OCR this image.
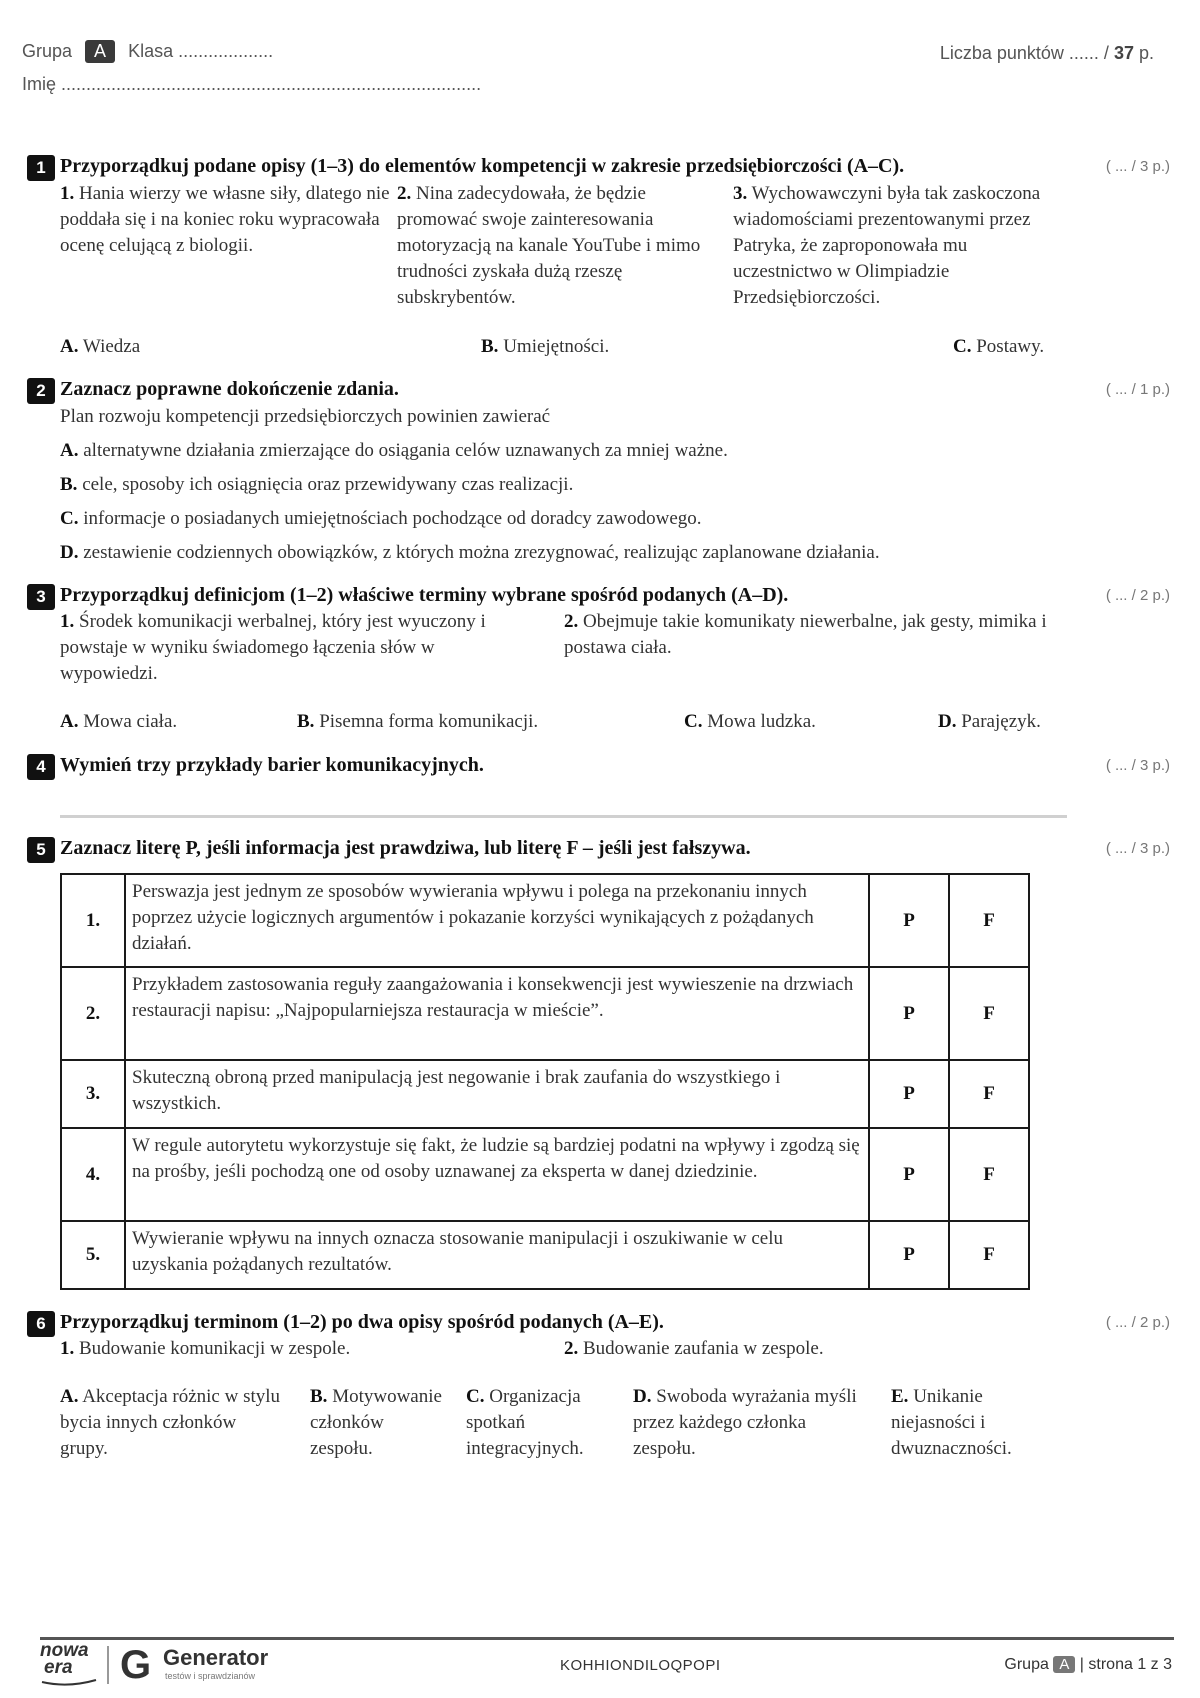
Grupa A Klasa ...................
Imię ....................................................................................
Liczba punktów ...... / 37 p.
1 Przyporządkuj podane opisy (1–3) do elementów kompetencji w zakresie przedsiębiorczości (A–C).	( ... / 3 p.)
1. Hania wierzy we własne siły, dlatego nie poddała się i na koniec roku wypracowała ocenę celującą z biologii.
2. Nina zadecydowała, że będzie promować swoje zainteresowania motoryzacją na kanale YouTube i mimo trudności zyskała dużą rzeszę subskrybentów.
3. Wychowawczyni była tak zaskoczona wiadomościami prezentowanymi przez Patryka, że zaproponowała mu uczestnictwo w Olimpiadzie Przedsiębiorczości.
A. Wiedza	B. Umiejętności.	C. Postawy.
2 Zaznacz poprawne dokończenie zdania.	( ... / 1 p.)
Plan rozwoju kompetencji przedsiębiorczych powinien zawierać
A. alternatywne działania zmierzające do osiągania celów uznawanych za mniej ważne.
B. cele, sposoby ich osiągnięcia oraz przewidywany czas realizacji.
C. informacje o posiadanych umiejętnościach pochodzące od doradcy zawodowego.
D. zestawienie codziennych obowiązków, z których można zrezygnować, realizując zaplanowane działania.
3 Przyporządkuj definicjom (1–2) właściwe terminy wybrane spośród podanych (A–D).	( ... / 2 p.)
1. Środek komunikacji werbalnej, który jest wyuczony i powstaje w wyniku świadomego łączenia słów w wypowiedzi.
2. Obejmuje takie komunikaty niewerbalne, jak gesty, mimika i postawa ciała.
A. Mowa ciała.	B. Pisemna forma komunikacji.	C. Mowa ludzka.	D. Parajęzyk.
4 Wymień trzy przykłady barier komunikacyjnych.	( ... / 3 p.)
5 Zaznacz literę P, jeśli informacja jest prawdziwa, lub literę F – jeśli jest fałszywa.	( ... / 3 p.)
1.	Perswazja jest jednym ze sposobów wywierania wpływu i polega na przekonaniu innych poprzez użycie logicznych argumentów i pokazanie korzyści wynikających z pożądanych działań.	P	F
2.	Przykładem zastosowania reguły zaangażowania i konsekwencji jest wywieszenie na drzwiach restauracji napisu: „Najpopularniejsza restauracja w mieście”.	P	F
3.	Skuteczną obroną przed manipulacją jest negowanie i brak zaufania do wszystkiego i wszystkich.	P	F
4.	W regule autorytetu wykorzystuje się fakt, że ludzie są bardziej podatni na wpływy i zgodzą się na prośby, jeśli pochodzą one od osoby uznawanej za eksperta w danej dziedzinie.	P	F
5.	Wywieranie wpływu na innych oznacza stosowanie manipulacji i oszukiwanie w celu uzyskania pożądanych rezultatów.	P	F
6 Przyporządkuj terminom (1–2) po dwa opisy spośród podanych (A–E).	( ... / 2 p.)
1. Budowanie komunikacji w zespole.	2. Budowanie zaufania w zespole.
A. Akceptacja różnic w stylu bycia innych członków grupy.
B. Motywowanie członków zespołu.
C. Organizacja spotkań integracyjnych.
D. Swoboda wyrażania myśli przez każdego członka zespołu.
E. Unikanie niejasności i dwuznaczności.
nowa
era	G Generator
testów i sprawdzianów
KOHHIONDILOQPOPI	Grupa A | strona 1 z 3
